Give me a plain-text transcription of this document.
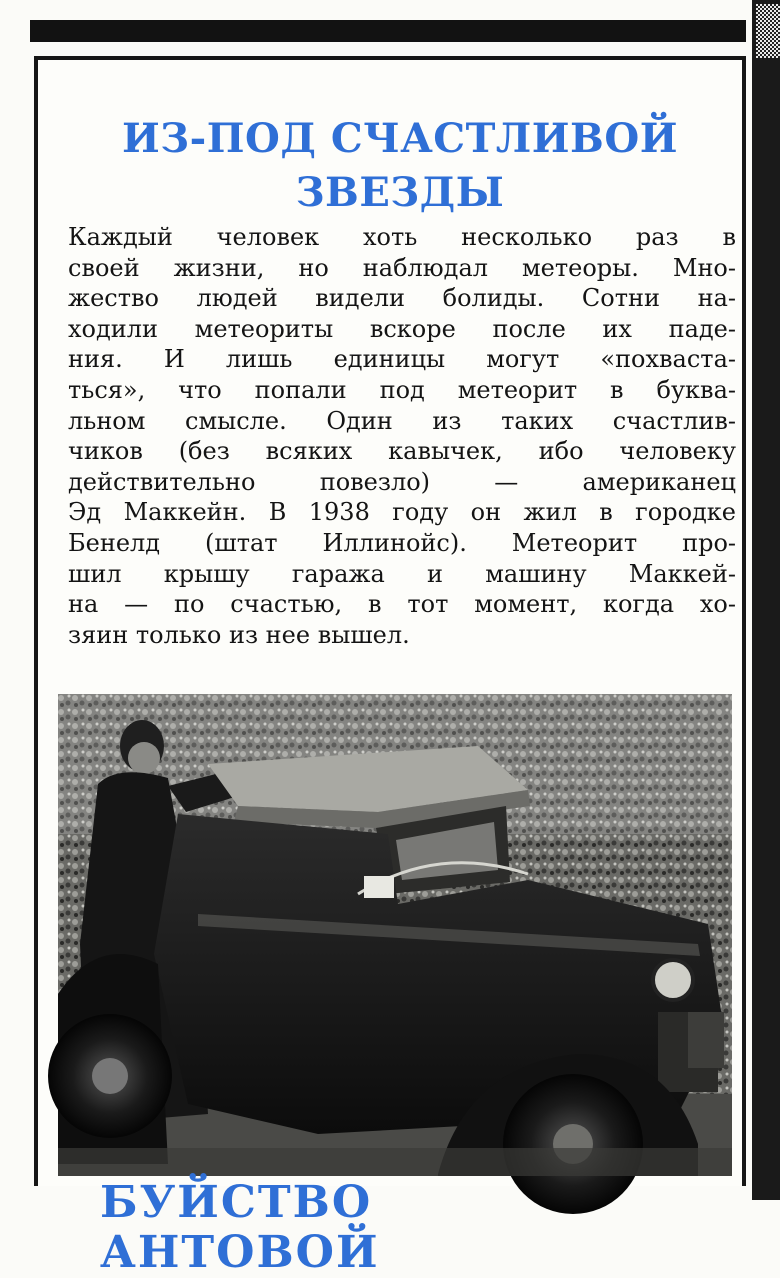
ИЗ-ПОД СЧАСТЛИВОЙ
ЗВЕЗДЫ

Каждый человек хоть несколько раз в

своей жизни, но наблюдал метеоры. Мно-

жество людей видели болиды. Сотни на-

ходили метеориты вскоре после их паде-

ния. И лишь единицы могут «похваста-

ться», что попали под метеорит в буква-

льном смысле. Один из таких счастлив-

чиков (без всяких кавычек, ибо человеку

действительно повезло) — американец

Эд Маккейн. В 1938 году он жил в городке

Бенелд (штат Иллинойс). Метеорит про-

шил крышу гаража и машину Маккей-

на — по счастью, в тот момент, когда хо-

зяин только из нее вышел.

БУЙСТВО АНТОВОЙ
